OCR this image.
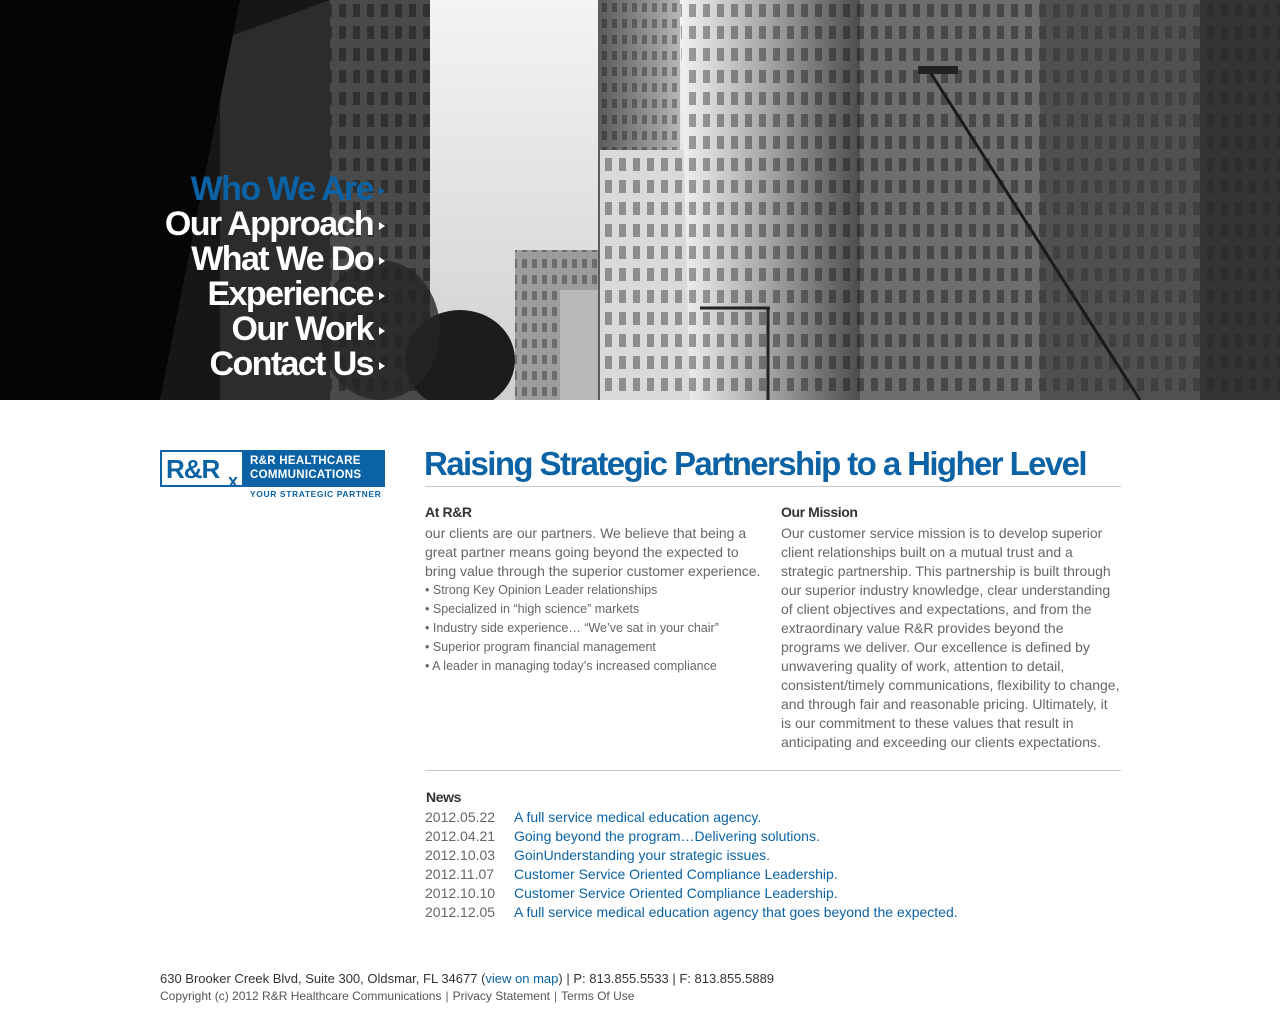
Who We Are
Our Approach
What We Do
Experience
Our Work
Contact Us
R&R x
R&R HEALTHCARE
COMMUNICATIONS
YOUR STRATEGIC PARTNER
Raising Strategic Partnership to a Higher Level
At R&R
our clients are our partners. We believe that being a great partner means going beyond the expected to bring value through the superior customer experience.
• Strong Key Opinion Leader relationships
• Specialized in “high science” markets
• Industry side experience… “We’ve sat in your chair”
• Superior program financial management
• A leader in managing today’s increased compliance
Our Mission
Our customer service mission is to develop superior client relationships built on a mutual trust and a strategic partnership. This partnership is built through our superior industry knowledge, clear understanding of client objectives and expectations, and from the extraordinary value R&R provides beyond the programs we deliver. Our excellence is defined by unwavering quality of work, attention to detail, consistent/timely communications, flexibility to change, and through fair and reasonable pricing. Ultimately, it is our commitment to these values that result in anticipating and exceeding our clients expectations.
News
2012.05.22	A full service medical education agency.
2012.04.21	Going beyond the program…Delivering solutions.
2012.10.03	GoinUnderstanding your strategic issues.
2012.11.07	Customer Service Oriented Compliance Leadership.
2012.10.10	Customer Service Oriented Compliance Leadership.
2012.12.05	A full service medical education agency that goes beyond the expected.
630 Brooker Creek Blvd, Suite 300, Oldsmar, FL 34677 (view on map) | P: 813.855.5533 | F: 813.855.5889
Copyright (c) 2012 R&R Healthcare Communications | Privacy Statement | Terms Of Use
